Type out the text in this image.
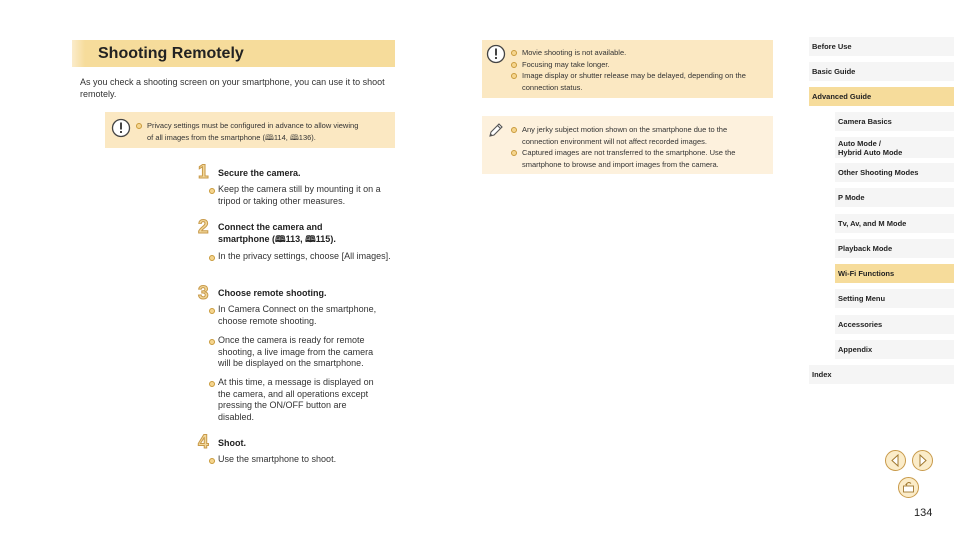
Shooting Remotely
As you check a shooting screen on your smartphone, you can use it to shoot remotely.
Privacy settings must be configured in advance to allow viewing
of all images from the smartphone (🕮114, 🕮136).
1	Secure the camera.
Keep the camera still by mounting it on a tripod or taking other measures.
2	Connect the camera and
smartphone (🕮113, 🕮115).
In the privacy settings, choose [All images].
3	Choose remote shooting.
In Camera Connect on the smartphone, choose remote shooting.
Once the camera is ready for remote shooting, a live image from the camera will be displayed on the smartphone.
At this time, a message is displayed on the camera, and all operations except pressing the ON/OFF button are disabled.
4	Shoot.
Use the smartphone to shoot.
Movie shooting is not available.
Focusing may take longer.
Image display or shutter release may be delayed, depending on the connection status.
Any jerky subject motion shown on the smartphone due to the connection environment will not affect recorded images.
Captured images are not transferred to the smartphone. Use the smartphone to browse and import images from the camera.
Before Use
Basic Guide
Advanced Guide
Camera Basics
Auto Mode /
Hybrid Auto Mode
Other Shooting Modes
P Mode
Tv, Av, and M Mode
Playback Mode
Wi-Fi Functions
Setting Menu
Accessories
Appendix
Index
134
